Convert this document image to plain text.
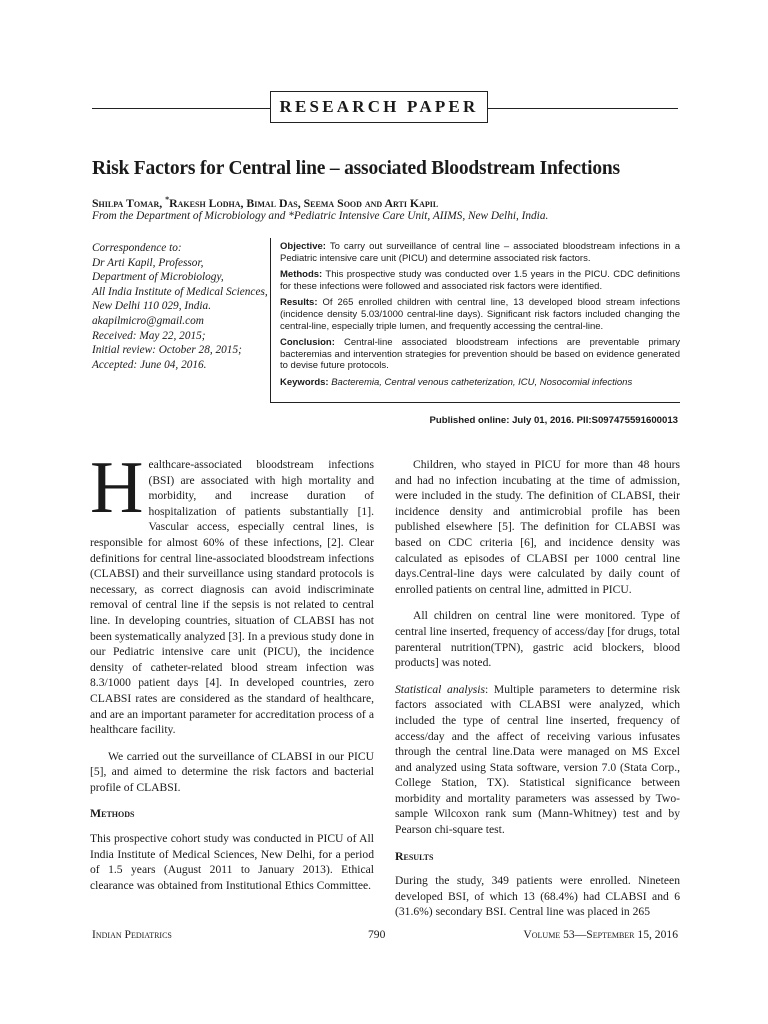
RESEARCH PAPER
Risk Factors for Central line – associated Bloodstream Infections
Shilpa Tomar, *Rakesh Lodha, Bimal Das, Seema Sood and Arti Kapil
From the Department of Microbiology and *Pediatric Intensive Care Unit, AIIMS, New Delhi, India.
Correspondence to:
Dr Arti Kapil, Professor,
Department of Microbiology,
All India Institute of Medical Sciences,
New Delhi 110 029, India.
akapilmicro@gmail.com
Received: May 22, 2015;
Initial review: October 28, 2015;
Accepted: June 04, 2016.

Objective: To carry out surveillance of central line – associated bloodstream infections in a Pediatric intensive care unit (PICU) and determine associated risk factors.

Methods: This prospective study was conducted over 1.5 years in the PICU. CDC definitions for these infections were followed and associated risk factors were identified.

Results: Of 265 enrolled children with central line, 13 developed blood stream infections (incidence density 5.03/1000 central-line days). Significant risk factors included changing the central-line, especially triple lumen, and frequently accessing the central-line.

Conclusion: Central-line associated bloodstream infections are preventable primary bacteremias and intervention strategies for prevention should be based on evidence generated to devise future protocols.

Keywords: Bacteremia, Central venous catheterization, ICU, Nosocomial infections

Published online: July 01, 2016. PII:S097475591600013

Healthcare-associated bloodstream infections (BSI) are associated with high mortality and morbidity, and increase duration of hospitalization of patients substantially [1]. Vascular access, especially central lines, is responsible for almost 60% of these infections, [2]. Clear definitions for central line-associated bloodstream infections (CLABSI) and their surveillance using standard protocols is necessary, as correct diagnosis can avoid indiscriminate removal of central line if the sepsis is not related to central line. In developing countries, situation of CLABSI has not been systematically analyzed [3]. In a previous study done in our Pediatric intensive care unit (PICU), the incidence density of catheter-related blood stream infection was 8.3/1000 patient days [4]. In developed countries, zero CLABSI rates are considered as the standard of healthcare, and are an important parameter for accreditation process of a healthcare facility.

We carried out the surveillance of CLABSI in our PICU [5], and aimed to determine the risk factors and bacterial profile of CLABSI.

Methods

This prospective cohort study was conducted in PICU of All India Institute of Medical Sciences, New Delhi, for a period of 1.5 years (August 2011 to January 2013). Ethical clearance was obtained from Institutional Ethics Committee.

Children, who stayed in PICU for more than 48 hours and had no infection incubating at the time of admission, were included in the study. The definition of CLABSI, their incidence density and antimicrobial profile has been published elsewhere [5]. The definition for CLABSI was based on CDC criteria [6], and incidence density was calculated as episodes of CLABSI per 1000 central line days.Central-line days were calculated by daily count of enrolled patients on central line, admitted in PICU.

All children on central line were monitored. Type of central line inserted, frequency of access/day [for drugs, total parenteral nutrition(TPN), gastric acid blockers, blood products] was noted.

Statistical analysis: Multiple parameters to determine risk factors associated with CLABSI were analyzed, which included the type of central line inserted, frequency of access/day and the affect of receiving various infusates through the central line.Data were managed on MS Excel and analyzed using Stata software, version 7.0 (Stata Corp., College Station, TX). Statistical significance between morbidity and mortality parameters was assessed by Two-sample Wilcoxon rank sum (Mann-Whitney) test and by Pearson chi-square test.

Results

During the study, 349 patients were enrolled. Nineteen developed BSI, of which 13 (68.4%) had CLABSI and 6 (31.6%) secondary BSI. Central line was placed in 265

Indian Pediatrics	790	Volume 53—September 15, 2016
